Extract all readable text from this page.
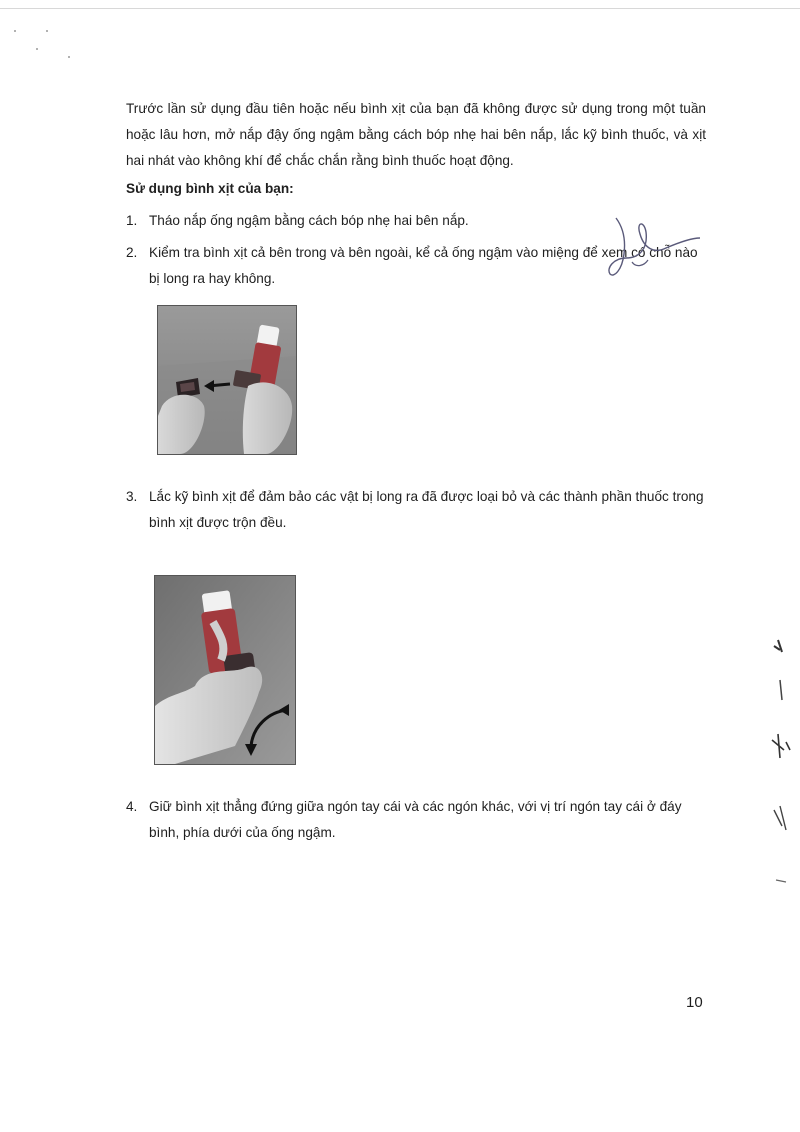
Trước lần sử dụng đầu tiên hoặc nếu bình xịt của bạn đã không được sử dụng trong một tuần hoặc lâu hơn, mở nắp đậy ống ngậm bằng cách bóp nhẹ hai bên nắp, lắc kỹ bình thuốc, và xịt hai nhát vào không khí để chắc chắn rằng bình thuốc hoạt động.
Sử dụng bình xịt của bạn:
1. Tháo nắp ống ngậm bằng cách bóp nhẹ hai bên nắp.
2. Kiểm tra bình xịt cả bên trong và bên ngoài, kể cả ống ngậm vào miệng để xem có chỗ nào bị long ra hay không.
3. Lắc kỹ bình xịt để đảm bảo các vật bị long ra đã được loại bỏ và các thành phần thuốc trong bình xịt được trộn đều.
4. Giữ bình xịt thẳng đứng giữa ngón tay cái và các ngón khác, với vị trí ngón tay cái ở đáy bình, phía dưới của ống ngậm.
10
